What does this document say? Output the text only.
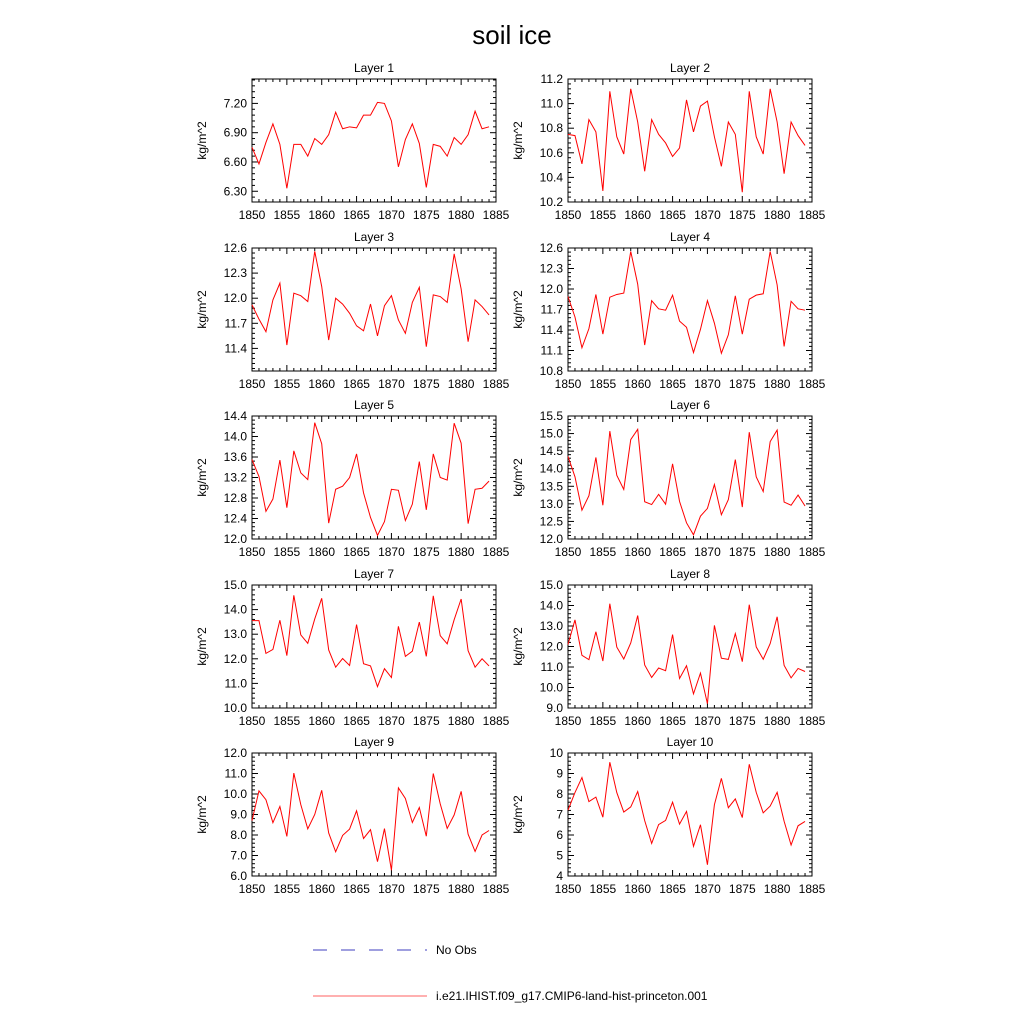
soil ice
Layer 1
kg/m^2
1850 1855 1860 1865 1870 1875 1880 1885
6.30
6.60
6.90
7.20
Layer 2
kg/m^2
1850 1855 1860 1865 1870 1875 1880 1885
10.2
10.4
10.6
10.8
11.0
11.2
Layer 3
kg/m^2
1850 1855 1860 1865 1870 1875 1880 1885
11.4
11.7
12.0
12.3
12.6
Layer 4
kg/m^2
1850 1855 1860 1865 1870 1875 1880 1885
10.8
11.1
11.4
11.7
12.0
12.3
12.6
Layer 5
kg/m^2
1850 1855 1860 1865 1870 1875 1880 1885
12.0
12.4
12.8
13.2
13.6
14.0
14.4
Layer 6
kg/m^2
1850 1855 1860 1865 1870 1875 1880 1885
12.0
12.5
13.0
13.5
14.0
14.5
15.0
15.5
Layer 7
kg/m^2
1850 1855 1860 1865 1870 1875 1880 1885
10.0
11.0
12.0
13.0
14.0
15.0
Layer 8
kg/m^2
1850 1855 1860 1865 1870 1875 1880 1885
9.0
10.0
11.0
12.0
13.0
14.0
15.0
Layer 9
kg/m^2
1850 1855 1860 1865 1870 1875 1880 1885
6.0
7.0
8.0
9.0
10.0
11.0
12.0
Layer 10
kg/m^2
1850 1855 1860 1865 1870 1875 1880 1885
4
5
6
7
8
9
10
No Obs
i.e21.IHIST.f09_g17.CMIP6-land-hist-princeton.001
